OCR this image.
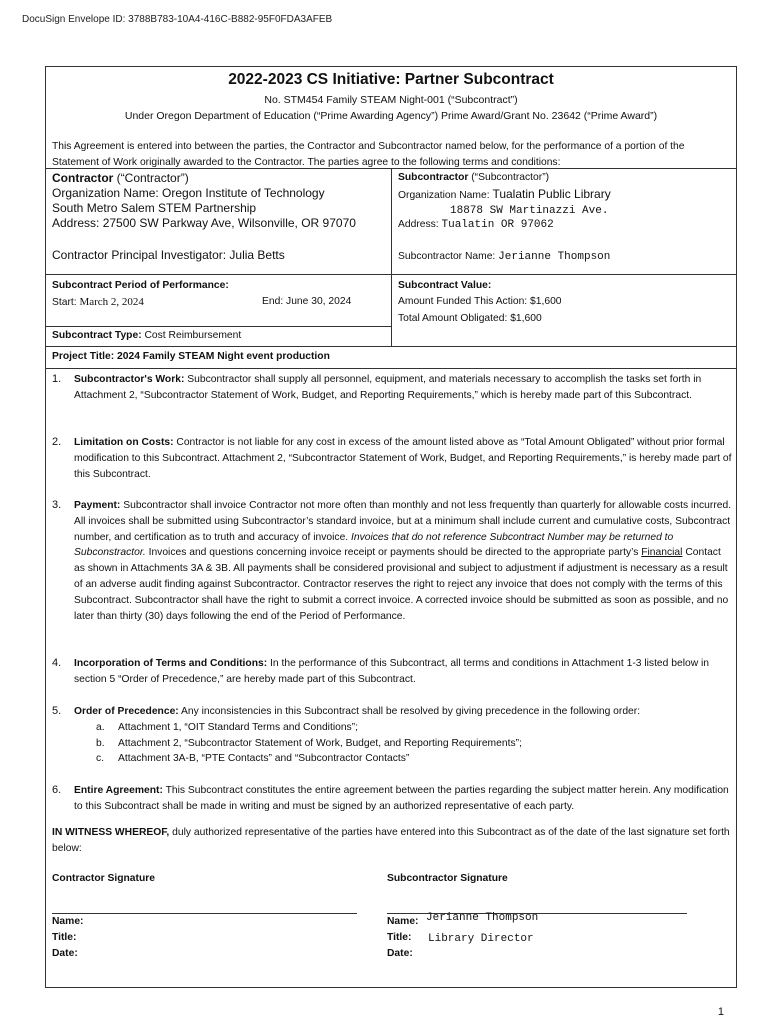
DocuSign Envelope ID: 3788B783-10A4-416C-B882-95F0FDA3AFEB
2022-2023 CS Initiative: Partner Subcontract
No. STM454 Family STEAM Night-001 (“Subcontract”)
Under Oregon Department of Education (“Prime Awarding Agency”) Prime Award/Grant No. 23642 (“Prime Award”)
This Agreement is entered into between the parties, the Contractor and Subcontractor named below, for the performance of a portion of the Statement of Work originally awarded to the Contractor. The parties agree to the following terms and conditions:
Contractor (“Contractor”)
Organization Name: Oregon Institute of Technology
South Metro Salem STEM Partnership
Address: 27500 SW Parkway Ave, Wilsonville, OR 97070
Contractor Principal Investigator: Julia Betts
Subcontractor (“Subcontractor”)
Organization Name: Tualatin Public Library
18878 SW Martinazzi Ave.
Address: Tualatin OR 97062
Subcontractor Name: Jerianne Thompson
Subcontract Period of Performance:
Start: March 2, 2024	End: June 30, 2024
Subcontract Value:
Amount Funded This Action: $1,600
Total Amount Obligated: $1,600
Subcontract Type: Cost Reimbursement
Project Title: 2024 Family STEAM Night event production
1. Subcontractor's Work: Subcontractor shall supply all personnel, equipment, and materials necessary to accomplish the tasks set forth in Attachment 2, “Subcontractor Statement of Work, Budget, and Reporting Requirements,” which is hereby made part of this Subcontract.
2. Limitation on Costs: Contractor is not liable for any cost in excess of the amount listed above as “Total Amount Obligated” without prior formal modification to this Subcontract. Attachment 2, “Subcontractor Statement of Work, Budget, and Reporting Requirements,” is hereby made part of this Subcontract.
3. Payment: Subcontractor shall invoice Contractor not more often than monthly and not less frequently than quarterly for allowable costs incurred. All invoices shall be submitted using Subcontractor’s standard invoice, but at a minimum shall include current and cumulative costs, Subcontract number, and certification as to truth and accuracy of invoice. Invoices that do not reference Subcontract Number may be returned to Subconstractor. Invoices and questions concerning invoice receipt or payments should be directed to the appropriate party’s Financial Contact as shown in Attachments 3A & 3B. All payments shall be considered provisional and subject to adjustment if adjustment is necessary as a result of an adverse audit finding against Subcontractor. Contractor reserves the right to reject any invoice that does not comply with the terms of this Subcontract. Subcontractor shall have the right to submit a correct invoice. A corrected invoice should be submitted as soon as possible, and no later than thirty (30) days following the end of the Period of Performance.
4. Incorporation of Terms and Conditions: In the performance of this Subcontract, all terms and conditions in Attachment 1-3 listed below in section 5 “Order of Precedence,” are hereby made part of this Subcontract.
5. Order of Precedence: Any inconsistencies in this Subcontract shall be resolved by giving precedence in the following order:
a. Attachment 1, “OIT Standard Terms and Conditions”;
b. Attachment 2, “Subcontractor Statement of Work, Budget, and Reporting Requirements”;
c. Attachment 3A-B, “PTE Contacts” and “Subcontractor Contacts”
6. Entire Agreement: This Subcontract constitutes the entire agreement between the parties regarding the subject matter herein. Any modification to this Subcontract shall be made in writing and must be signed by an authorized representative of each party.
IN WITNESS WHEREOF, duly authorized representative of the parties have entered into this Subcontract as of the date of the last signature set forth below:
Contractor Signature	Subcontractor Signature
Name:
Title:
Date:
Name: Jerianne Thompson
Title: Library Director
Date:
1
